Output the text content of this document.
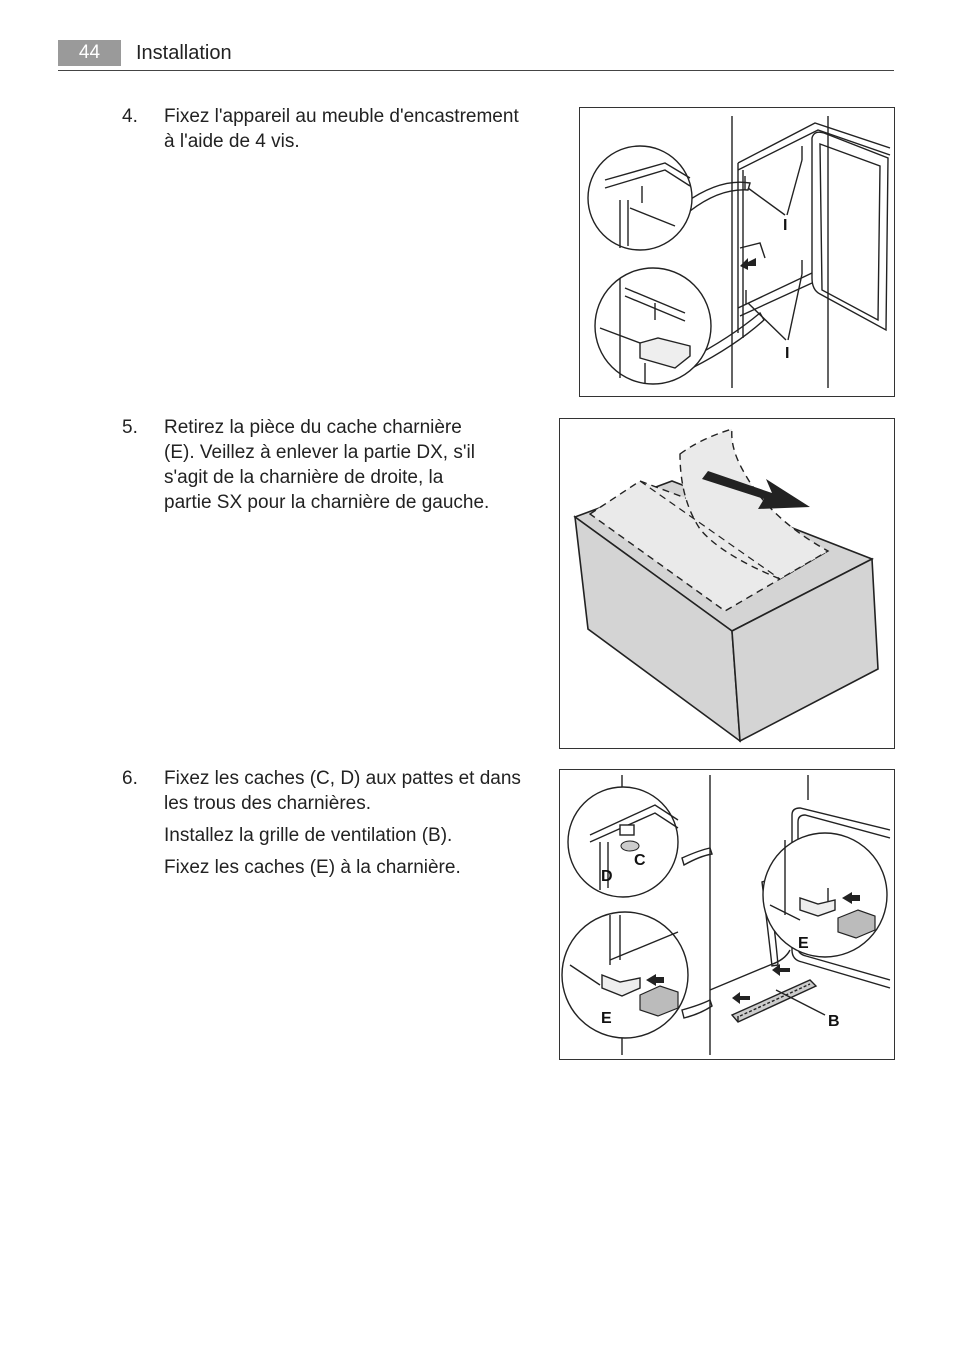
44	Installation
4.	Fixez l'appareil au meuble d'encastrement à l'aide de 4 vis.

I
I
5.	Retirez la pièce du cache charnière (E). Veillez à enlever la partie DX, s'il s'agit de la charnière de droite, la partie SX pour la charnière de gauche.

6.	Fixez les caches (C, D) aux pattes et dans les trous des charnières.

Installez la grille de ventilation (B).

Fixez les caches (E) à la charnière.	C
D
E
E	B
